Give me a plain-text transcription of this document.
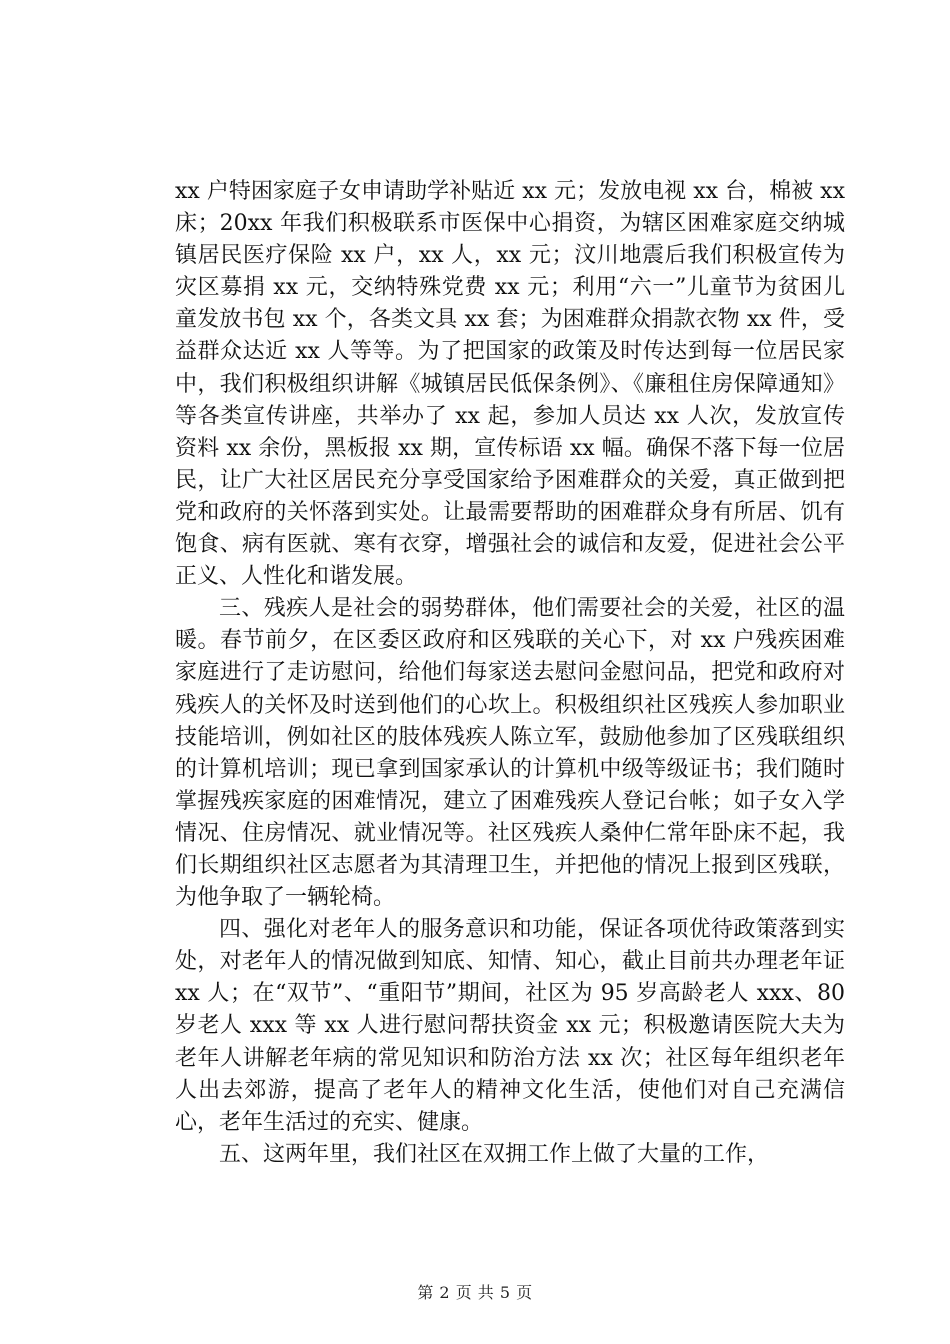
xx 户特困家庭子女申请助学补贴近 xx 元；发放电视 xx 台，棉被 xx 床；20xx 年我们积极联系市医保中心捐资，为辖区困难家庭交纳城镇居民医疗保险 xx 户，xx 人，xx 元；汶川地震后我们积极宣传为灾区募捐 xx 元，交纳特殊党费 xx 元；利用“六一”儿童节为贫困儿童发放书包 xx 个，各类文具 xx 套；为困难群众捐款衣物 xx 件，受益群众达近 xx 人等等。为了把国家的政策及时传达到每一位居民家中，我们积极组织讲解《城镇居民低保条例》、《廉租住房保障通知》等各类宣传讲座，共举办了 xx 起，参加人员达 xx 人次，发放宣传资料 xx 余份，黑板报 xx 期，宣传标语 xx 幅。确保不落下每一位居民，让广大社区居民充分享受国家给予困难群众的关爱，真正做到把党和政府的关怀落到实处。让最需要帮助的困难群众身有所居、饥有饱食、病有医就、寒有衣穿，增强社会的诚信和友爱，促进社会公平正义、人性化和谐发展。

三、残疾人是社会的弱势群体，他们需要社会的关爱，社区的温暖。春节前夕，在区委区政府和区残联的关心下，对 xx 户残疾困难家庭进行了走访慰问，给他们每家送去慰问金慰问品，把党和政府对残疾人的关怀及时送到他们的心坎上。积极组织社区残疾人参加职业技能培训，例如社区的肢体残疾人陈立军，鼓励他参加了区残联组织的计算机培训；现已拿到国家承认的计算机中级等级证书；我们随时掌握残疾家庭的困难情况，建立了困难残疾人登记台帐；如子女入学情况、住房情况、就业情况等。社区残疾人桑仲仁常年卧床不起，我们长期组织社区志愿者为其清理卫生，并把他的情况上报到区残联，为他争取了一辆轮椅。

四、强化对老年人的服务意识和功能，保证各项优待政策落到实处，对老年人的情况做到知底、知情、知心，截止目前共办理老年证 xx 人；在“双节”、“重阳节”期间，社区为 95 岁高龄老人 xxx、80 岁老人 xxx 等 xx 人进行慰问帮扶资金 xx 元；积极邀请医院大夫为老年人讲解老年病的常见知识和防治方法 xx 次；社区每年组织老年人出去郊游，提高了老年人的精神文化生活，使他们对自己充满信心，老年生活过的充实、健康。

五、这两年里，我们社区在双拥工作上做了大量的工作，

第 2 页 共 5 页
